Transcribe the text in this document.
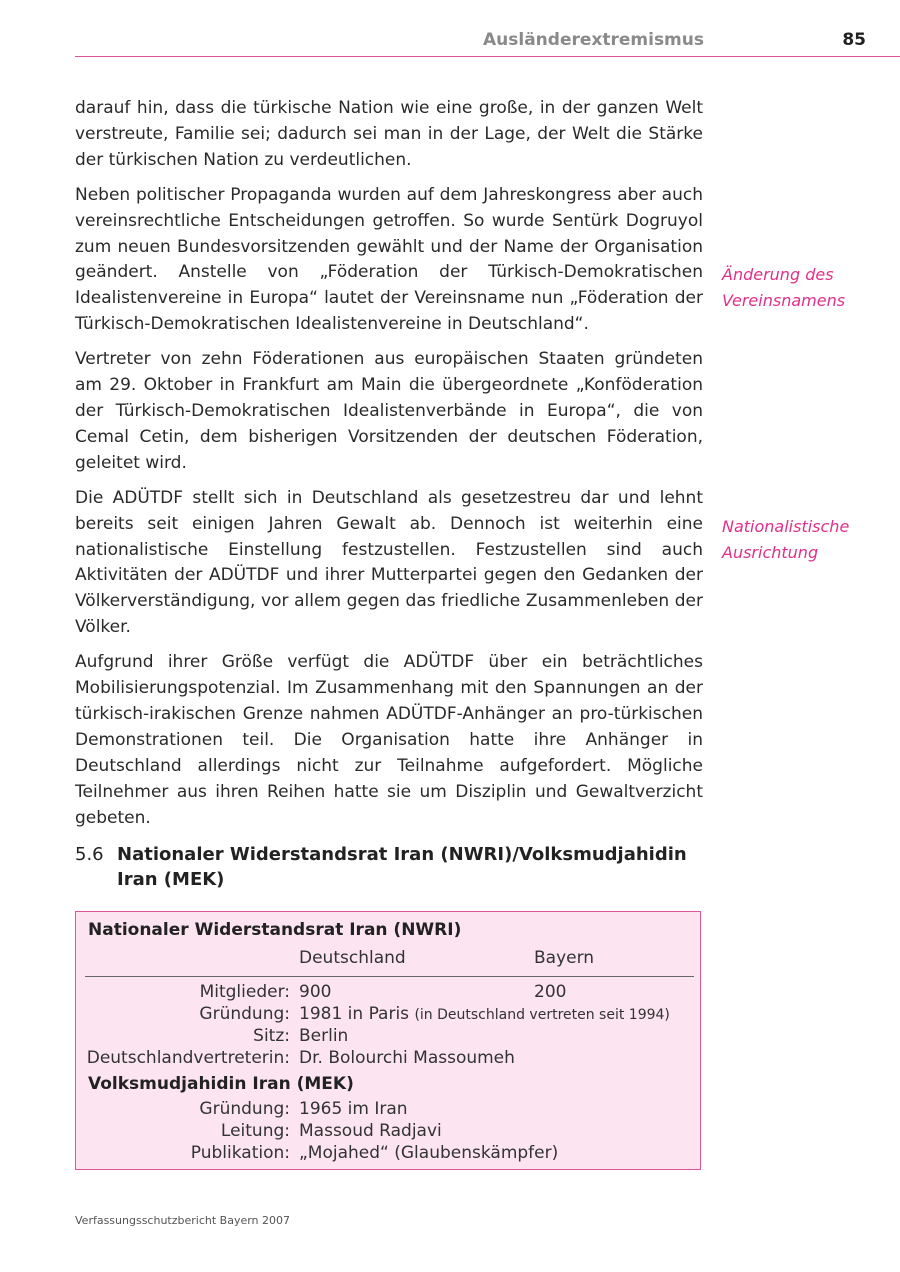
Ausländerextremismus	85

darauf hin, dass die türkische Nation wie eine große, in der ganzen Welt verstreute, Familie sei; dadurch sei man in der Lage, der Welt die Stärke der türkischen Nation zu verdeutlichen.

Neben politischer Propaganda wurden auf dem Jahreskongress aber auch vereinsrechtliche Entscheidungen getroffen. So wurde Sentürk Dogruyol zum neuen Bundesvorsitzenden gewählt und der Name der Organisation geändert. Anstelle von „Föderation der Türkisch-Demokratischen Idealistenvereine in Europa“ lautet der Vereinsname nun „Föderation der Türkisch-Demokratischen Idealistenvereine in Deutschland“.

Vertreter von zehn Föderationen aus europäischen Staaten gründeten am 29. Oktober in Frankfurt am Main die übergeordnete „Konföderation der Türkisch-Demokratischen Idealistenverbände in Europa“, die von Cemal Cetin, dem bisherigen Vorsitzenden der deutschen Föderation, geleitet wird.

Die ADÜTDF stellt sich in Deutschland als gesetzestreu dar und lehnt bereits seit einigen Jahren Gewalt ab. Dennoch ist weiterhin eine nationalistische Einstellung festzustellen. Festzustellen sind auch Aktivitäten der ADÜTDF und ihrer Mutterpartei gegen den Gedanken der Völkerverständigung, vor allem gegen das friedliche Zusammenleben der Völker.

Aufgrund ihrer Größe verfügt die ADÜTDF über ein beträchtliches Mobilisierungspotenzial. Im Zusammenhang mit den Spannungen an der türkisch-irakischen Grenze nahmen ADÜTDF-Anhänger an pro-türkischen Demonstrationen teil. Die Organisation hatte ihre Anhänger in Deutschland allerdings nicht zur Teilnahme aufgefordert. Mögliche Teilnehmer aus ihren Reihen hatte sie um Disziplin und Gewaltverzicht gebeten.

Änderung des
Vereinsnamens
Nationalistische
Ausrichtung
5.6 Nationaler Widerstandsrat Iran (NWRI)/Volksmudjahidin Iran (MEK)
Nationaler Widerstandsrat Iran (NWRI)
Deutschland	Bayern
Mitglieder: 900	200
Gründung: 1981 in Paris (in Deutschland vertreten seit 1994)
Sitz: Berlin
Deutschlandvertreterin: Dr. Bolourchi Massoumeh
Volksmudjahidin Iran (MEK)
Gründung: 1965 im Iran
Leitung: Massoud Radjavi
Publikation: „Mojahed“ (Glaubenskämpfer)
Verfassungsschutzbericht Bayern 2007
